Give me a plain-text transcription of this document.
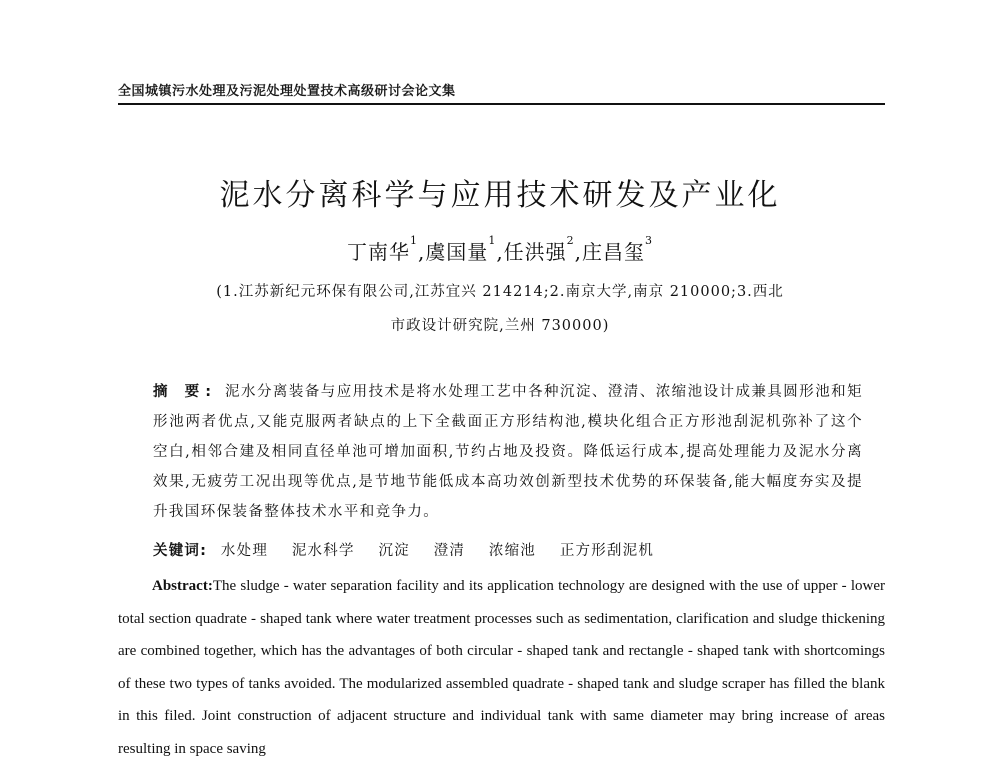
全国城镇污水处理及污泥处理处置技术高级研讨会论文集
泥水分离科学与应用技术研发及产业化
丁南华$^1$,虞国量$^1$,任洪强$^2$,庄昌玺$^3$
(1.江苏新纪元环保有限公司,江苏宜兴 214214;2.南京大学,南京 210000;3.西北
市政设计研究院,兰州 730000)
摘 要: 泥水分离装备与应用技术是将水处理工艺中各种沉淀、澄清、浓缩池设计成兼具圆形池和矩形池两者优点,又能克服两者缺点的上下全截面正方形结构池,模块化组合正方形池刮泥机弥补了这个空白,相邻合建及相同直径单池可增加面积,节约占地及投资。降低运行成本,提高处理能力及泥水分离效果,无疲劳工况出现等优点,是节地节能低成本高功效创新型技术优势的环保装备,能大幅度夯实及提升我国环保装备整体技术水平和竞争力。
关键词: 水处理 泥水科学 沉淀 澄清 浓缩池 正方形刮泥机
Abstract:The sludge - water separation facility and its application technology are designed with the use of upper - lower total section quadrate - shaped tank where water treatment processes such as sedimentation, clarification and sludge thickening are combined together, which has the advantages of both circular - shaped tank and rectangle - shaped tank with shortcomings of these two types of tanks avoided. The modularized assembled quadrate - shaped tank and sludge scraper has filled the blank in this filed. Joint construction of adjacent structure and individual tank with same diameter may bring increase of areas resulting in space saving
